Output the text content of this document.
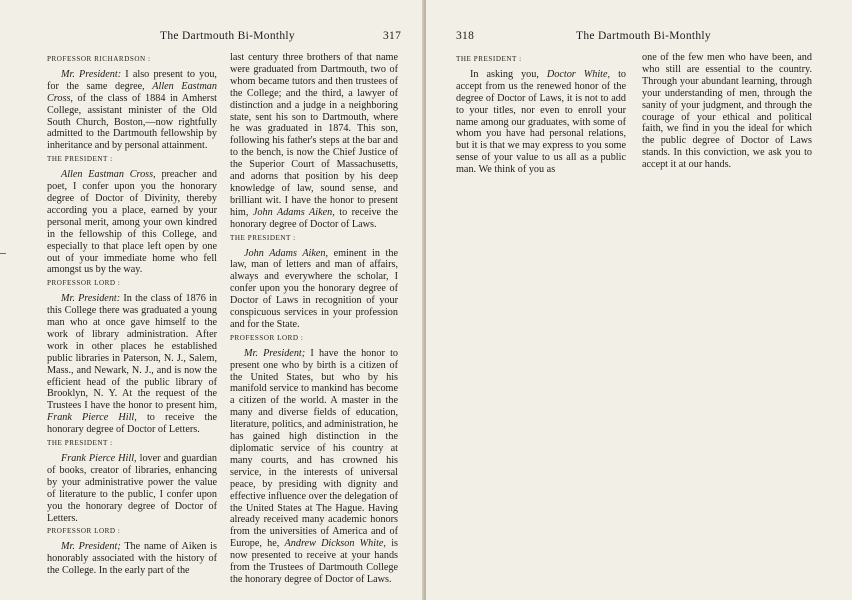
The Dartmouth Bi-Monthly	317

PROFESSOR RICHARDSON :

Mr. President: I also present to you, for the same degree, Allen Eastman Cross, of the class of 1884 in Amherst College, assistant minister of the Old South Church, Boston,—now rightfully admitted to the Dartmouth fellowship by inheritance and by personal attainment.

THE PRESIDENT :

Allen Eastman Cross, preacher and poet, I confer upon you the honorary degree of Doctor of Divinity, thereby according you a place, earned by your personal merit, among your own kindred in the fellowship of this College, and especially to that place left open by one out of your immediate home who fell amongst us by the way.

PROFESSOR LORD :

Mr. President: In the class of 1876 in this College there was graduated a young man who at once gave himself to the work of library administration. After work in other places he established public libraries in Paterson, N. J., Salem, Mass., and Newark, N. J., and is now the efficient head of the public library of Brooklyn, N. Y. At the request of the Trustees I have the honor to present him, Frank Pierce Hill, to receive the honorary degree of Doctor of Letters.

THE PRESIDENT :

Frank Pierce Hill, lover and guardian of books, creator of libraries, enhancing by your administrative power the value of literature to the public, I confer upon you the honorary degree of Doctor of Letters.

PROFESSOR LORD :

Mr. President; The name of Aiken is honorably associated with the history of the College. In the early part of the

last century three brothers of that name were graduated from Dartmouth, two of whom became tutors and then trustees of the College; and the third, a lawyer of distinction and a judge in a neighboring state, sent his son to Dartmouth, where he was graduated in 1874. This son, following his father's steps at the bar and to the bench, is now the Chief Justice of the Superior Court of Massachusetts, and adorns that position by his deep knowledge of law, sound sense, and brilliant wit. I have the honor to present him, John Adams Aiken, to receive the honorary degree of Doctor of Laws.

THE PRESIDENT :

John Adams Aiken, eminent in the law, man of letters and man of affairs, always and everywhere the scholar, I confer upon you the honorary degree of Doctor of Laws in recognition of your conspicuous services in your profession and for the State.

PROFESSOR LORD :

Mr. President; I have the honor to present one who by birth is a citizen of the United States, but who by his manifold service to mankind has become a citizen of the world. A master in the many and diverse fields of education, literature, politics, and administration, he has gained high distinction in the diplomatic service of his country at many courts, and has crowned his service, in the interests of universal peace, by presiding with dignity and effective influence over the delegation of the United States at The Hague. Having already received many academic honors from the universities of America and of Europe, he, Andrew Dickson White, is now presented to receive at your hands from the Trustees of Dartmouth College the honorary degree of Doctor of Laws.

318	The Dartmouth Bi-Monthly

THE PRESIDENT :

In asking you, Doctor White, to accept from us the renewed honor of the degree of Doctor of Laws, it is not to add to your titles, nor even to enroll your name among our graduates, with some of whom you have had personal relations, but it is that we may express to you some sense of your value to us all as a public man. We think of you as

one of the few men who have been, and who still are essential to the country. Through your abundant learning, through your understanding of men, through the sanity of your judgment, and through the courage of your ethical and political faith, we find in you the ideal for which the public degree of Doctor of Laws stands. In this conviction, we ask you to accept it at our hands.
